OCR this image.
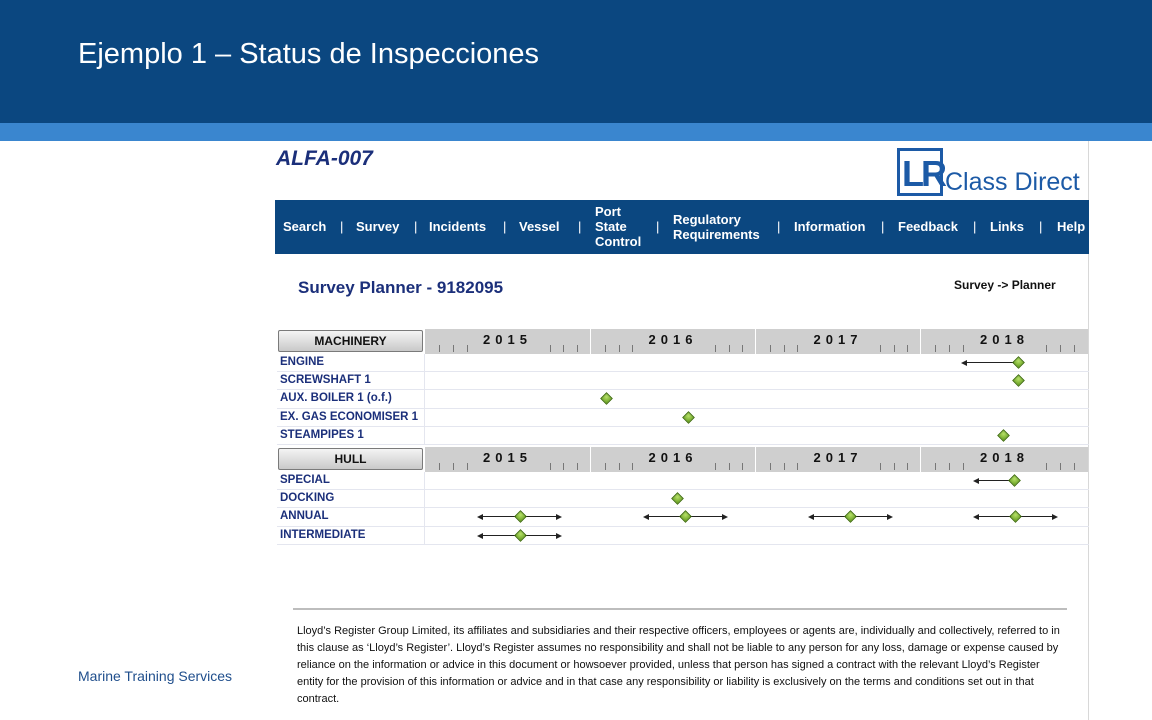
Ejemplo 1 – Status de Inspecciones
Marine Training Services
ALFA-007	LR Class Direct
Search | Survey | Incidents | Vessel |
Port State Control
| Regulatory Requirements
| Information | Feedback | Links | Help
Survey Planner - 9182095	Survey -> Planner
MACHINERY	2015	2016	2017	2018
ENGINE
SCREWSHAFT 1
AUX. BOILER 1 (o.f.)
EX. GAS ECONOMISER 1
STEAMPIPES 1
HULL	2015	2016	2017	2018
SPECIAL
DOCKING
ANNUAL
INTERMEDIATE
Lloyd’s Register Group Limited, its affiliates and subsidiaries and their respective officers, employees or agents are, individually and collectively, referred to in this clause as ‘Lloyd’s Register’. Lloyd’s Register assumes no responsibility and shall not be liable to any person for any loss, damage or expense caused by reliance on the information or advice in this document or howsoever provided, unless that person has signed a contract with the relevant Lloyd’s Register entity for the provision of this information or advice and in that case any responsibility or liability is exclusively on the terms and conditions set out in that contract.
